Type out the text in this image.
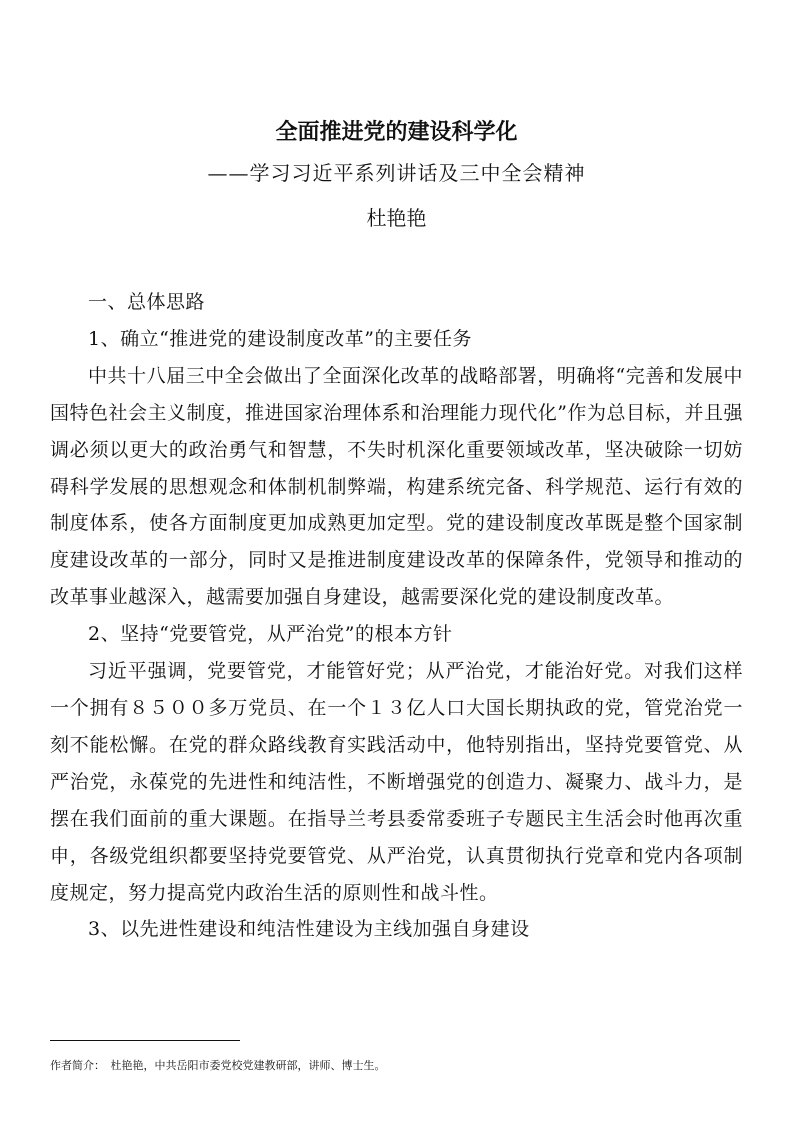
全面推进党的建设科学化
——学习习近平系列讲话及三中全会精神
杜艳艳

一、总体思路

1、确立“推进党的建设制度改革”的主要任务

中共十八届三中全会做出了全面深化改革的战略部署，明确将“完善和发展中国特色社会主义制度，推进国家治理体系和治理能力现代化”作为总目标，并且强调必须以更大的政治勇气和智慧，不失时机深化重要领域改革，坚决破除一切妨碍科学发展的思想观念和体制机制弊端，构建系统完备、科学规范、运行有效的制度体系，使各方面制度更加成熟更加定型。党的建设制度改革既是整个国家制度建设改革的一部分，同时又是推进制度建设改革的保障条件，党领导和推动的改革事业越深入，越需要加强自身建设，越需要深化党的建设制度改革。

2、坚持“党要管党，从严治党”的根本方针

习近平强调，党要管党，才能管好党；从严治党，才能治好党。对我们这样一个拥有８５００多万党员、在一个１３亿人口大国长期执政的党，管党治党一刻不能松懈。在党的群众路线教育实践活动中，他特别指出，坚持党要管党、从严治党，永葆党的先进性和纯洁性，不断增强党的创造力、凝聚力、战斗力，是摆在我们面前的重大课题。在指导兰考县委常委班子专题民主生活会时他再次重申，各级党组织都要坚持党要管党、从严治党，认真贯彻执行党章和党内各项制度规定，努力提高党内政治生活的原则性和战斗性。

3、以先进性建设和纯洁性建设为主线加强自身建设

作者简介：　杜艳艳，中共岳阳市委党校党建教研部，讲师、博士生。
